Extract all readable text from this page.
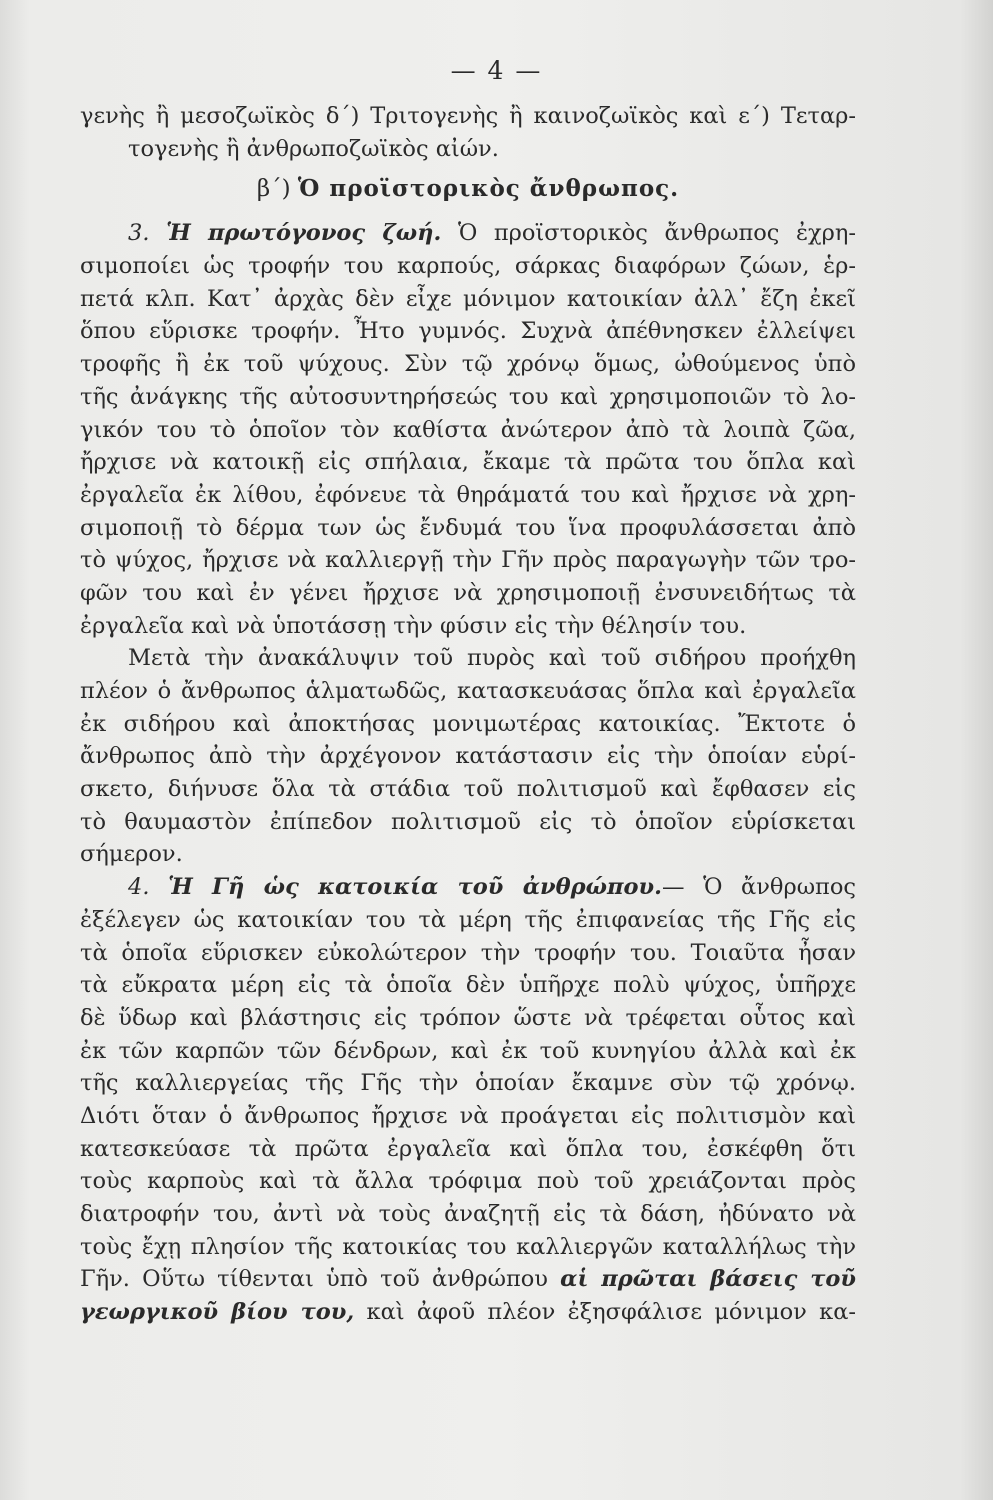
— 4 —
γενὴς ἢ μεσοζωϊκὸς δ΄) Τριτογενὴς ἢ καινοζωϊκὸς καὶ ε΄) Τεταρ-
τογενὴς ἢ ἀνθρωποζωϊκὸς αἰών.
β΄) Ὁ προϊστορικὸς ἄνθρωπος.
3. Ἡ πρωτόγονος ζωή. Ὁ προϊστορικὸς ἄνθρωπος ἐχρη-
σιμοποίει ὡς τροφήν του καρπούς, σάρκας διαφόρων ζώων, ἑρ-
πετά κλπ. Κατ᾿ ἀρχὰς δὲν εἶχε μόνιμον κατοικίαν ἀλλ᾿ ἔζη ἐκεῖ
ὅπου εὕρισκε τροφήν. Ἦτο γυμνός. Συχνὰ ἀπέθνησκεν ἐλλείψει
τροφῆς ἢ ἐκ τοῦ ψύχους. Σὺν τῷ χρόνῳ ὅμως, ὠθούμενος ὑπὸ
τῆς ἀνάγκης τῆς αὐτοσυντηρήσεώς του καὶ χρησιμοποιῶν τὸ λο-
γικόν του τὸ ὁποῖον τὸν καθίστα ἀνώτερον ἀπὸ τὰ λοιπὰ ζῶα,
ἤρχισε νὰ κατοικῇ εἰς σπήλαια, ἔκαμε τὰ πρῶτα του ὅπλα καὶ
ἐργαλεῖα ἐκ λίθου, ἐφόνευε τὰ θηράματά του καὶ ἤρχισε νὰ χρη-
σιμοποιῇ τὸ δέρμα των ὡς ἔνδυμά του ἵνα προφυλάσσεται ἀπὸ
τὸ ψύχος, ἤρχισε νὰ καλλιεργῇ τὴν Γῆν πρὸς παραγωγὴν τῶν τρο-
φῶν του καὶ ἐν γένει ἤρχισε νὰ χρησιμοποιῇ ἐνσυνειδήτως τὰ
ἐργαλεῖα καὶ νὰ ὑποτάσσῃ τὴν φύσιν εἰς τὴν θέλησίν του.
Μετὰ τὴν ἀνακάλυψιν τοῦ πυρὸς καὶ τοῦ σιδήρου προήχθη
πλέον ὁ ἄνθρωπος ἁλματωδῶς, κατασκευάσας ὅπλα καὶ ἐργαλεῖα
ἐκ σιδήρου καὶ ἀποκτήσας μονιμωτέρας κατοικίας. Ἔκτοτε ὁ
ἄνθρωπος ἀπὸ τὴν ἀρχέγονον κατάστασιν εἰς τὴν ὁποίαν εὑρί-
σκετο, διήνυσε ὅλα τὰ στάδια τοῦ πολιτισμοῦ καὶ ἔφθασεν εἰς
τὸ θαυμαστὸν ἐπίπεδον πολιτισμοῦ εἰς τὸ ὁποῖον εὑρίσκεται
σήμερον.
4. Ἡ Γῆ ὡς κατοικία τοῦ ἀνθρώπου.— Ὁ ἄνθρωπος
ἐξέλεγεν ὡς κατοικίαν του τὰ μέρη τῆς ἐπιφανείας τῆς Γῆς εἰς
τὰ ὁποῖα εὕρισκεν εὐκολώτερον τὴν τροφήν του. Τοιαῦτα ἦσαν
τὰ εὔκρατα μέρη εἰς τὰ ὁποῖα δὲν ὑπῆρχε πολὺ ψύχος, ὑπῆρχε
δὲ ὕδωρ καὶ βλάστησις εἰς τρόπον ὥστε νὰ τρέφεται οὗτος καὶ
ἐκ τῶν καρπῶν τῶν δένδρων, καὶ ἐκ τοῦ κυνηγίου ἀλλὰ καὶ ἐκ
τῆς καλλιεργείας τῆς Γῆς τὴν ὁποίαν ἔκαμνε σὺν τῷ χρόνῳ.
Διότι ὅταν ὁ ἄνθρωπος ἤρχισε νὰ προάγεται εἰς πολιτισμὸν καὶ
κατεσκεύασε τὰ πρῶτα ἐργαλεῖα καὶ ὅπλα του, ἐσκέφθη ὅτι
τοὺς καρποὺς καὶ τὰ ἄλλα τρόφιμα ποὺ τοῦ χρειάζονται πρὸς
διατροφήν του, ἀντὶ νὰ τοὺς ἀναζητῇ εἰς τὰ δάση, ἠδύνατο νὰ
τοὺς ἔχῃ πλησίον τῆς κατοικίας του καλλιεργῶν καταλλήλως τὴν
Γῆν. Οὕτω τίθενται ὑπὸ τοῦ ἀνθρώπου αἱ πρῶται βάσεις τοῦ
γεωργικοῦ βίου του, καὶ ἀφοῦ πλέον ἐξησφάλισε μόνιμον κα-
